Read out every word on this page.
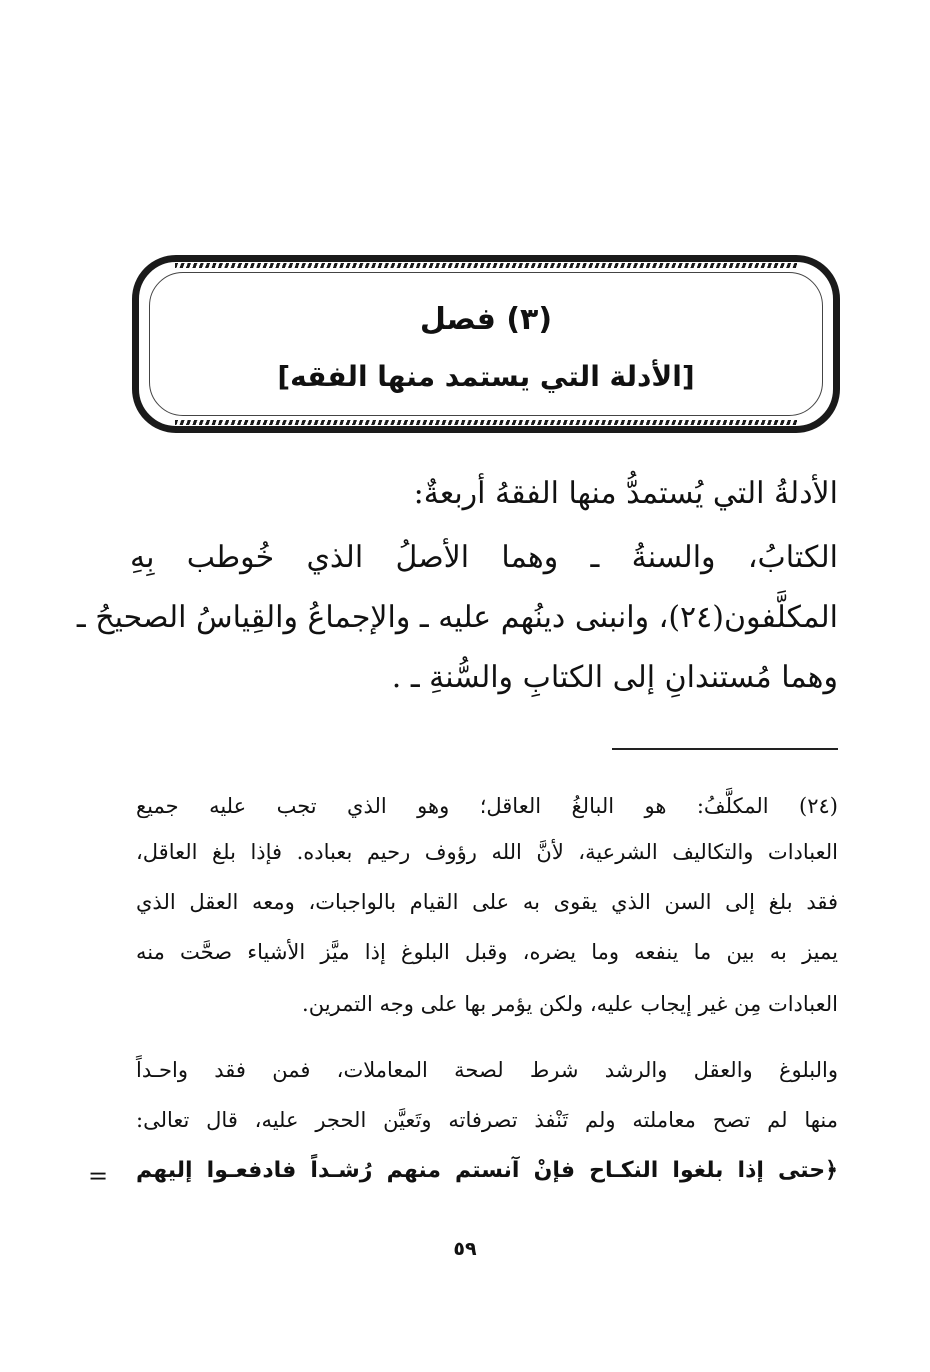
(٣) فصل
[الأدلة التي يستمد منها الفقه]
الأدلةُ التي يُستمدُّ منها الفقهُ أربعةٌ:
الكتابُ، والسنةُ ـ وهما الأصلُ الذي خُوطب بِهِ
المكلَّفون(٢٤)، وانبنى دينُهم عليه ـ والإجماعُ والقِياسُ الصحيحُ ـ
وهما مُستندانِ إلى الكتابِ والسُّنةِ ـ .
(٢٤) المكلَّفُ: هو البالغُ العاقل؛ وهو الذي تجب عليه جميع
العبادات والتكاليف الشرعية، لأنَّ الله رؤوف رحيم بعباده. فإذا بلغ العاقل،
فقد بلغ إلى السن الذي يقوى به على القيام بالواجبات، ومعه العقل الذي
يميز به بين ما ينفعه وما يضره، وقبل البلوغ إذا ميَّز الأشياء صحَّت منه
العبادات مِن غير إيجاب عليه، ولكن يؤمر بها على وجه التمرين.
والبلوغ والعقل والرشد شرط لصحة المعاملات، فمن فقد واحـداً
منها لم تصح معاملته ولم تَنْفذ تصرفاته وتَعيَّن الحجر عليه، قال تعالى:
﴿حتى إذا بلغوا النكـاح فإنْ آنستم منهم رُشـداً فادفعـوا إليهم
=
٥٩
